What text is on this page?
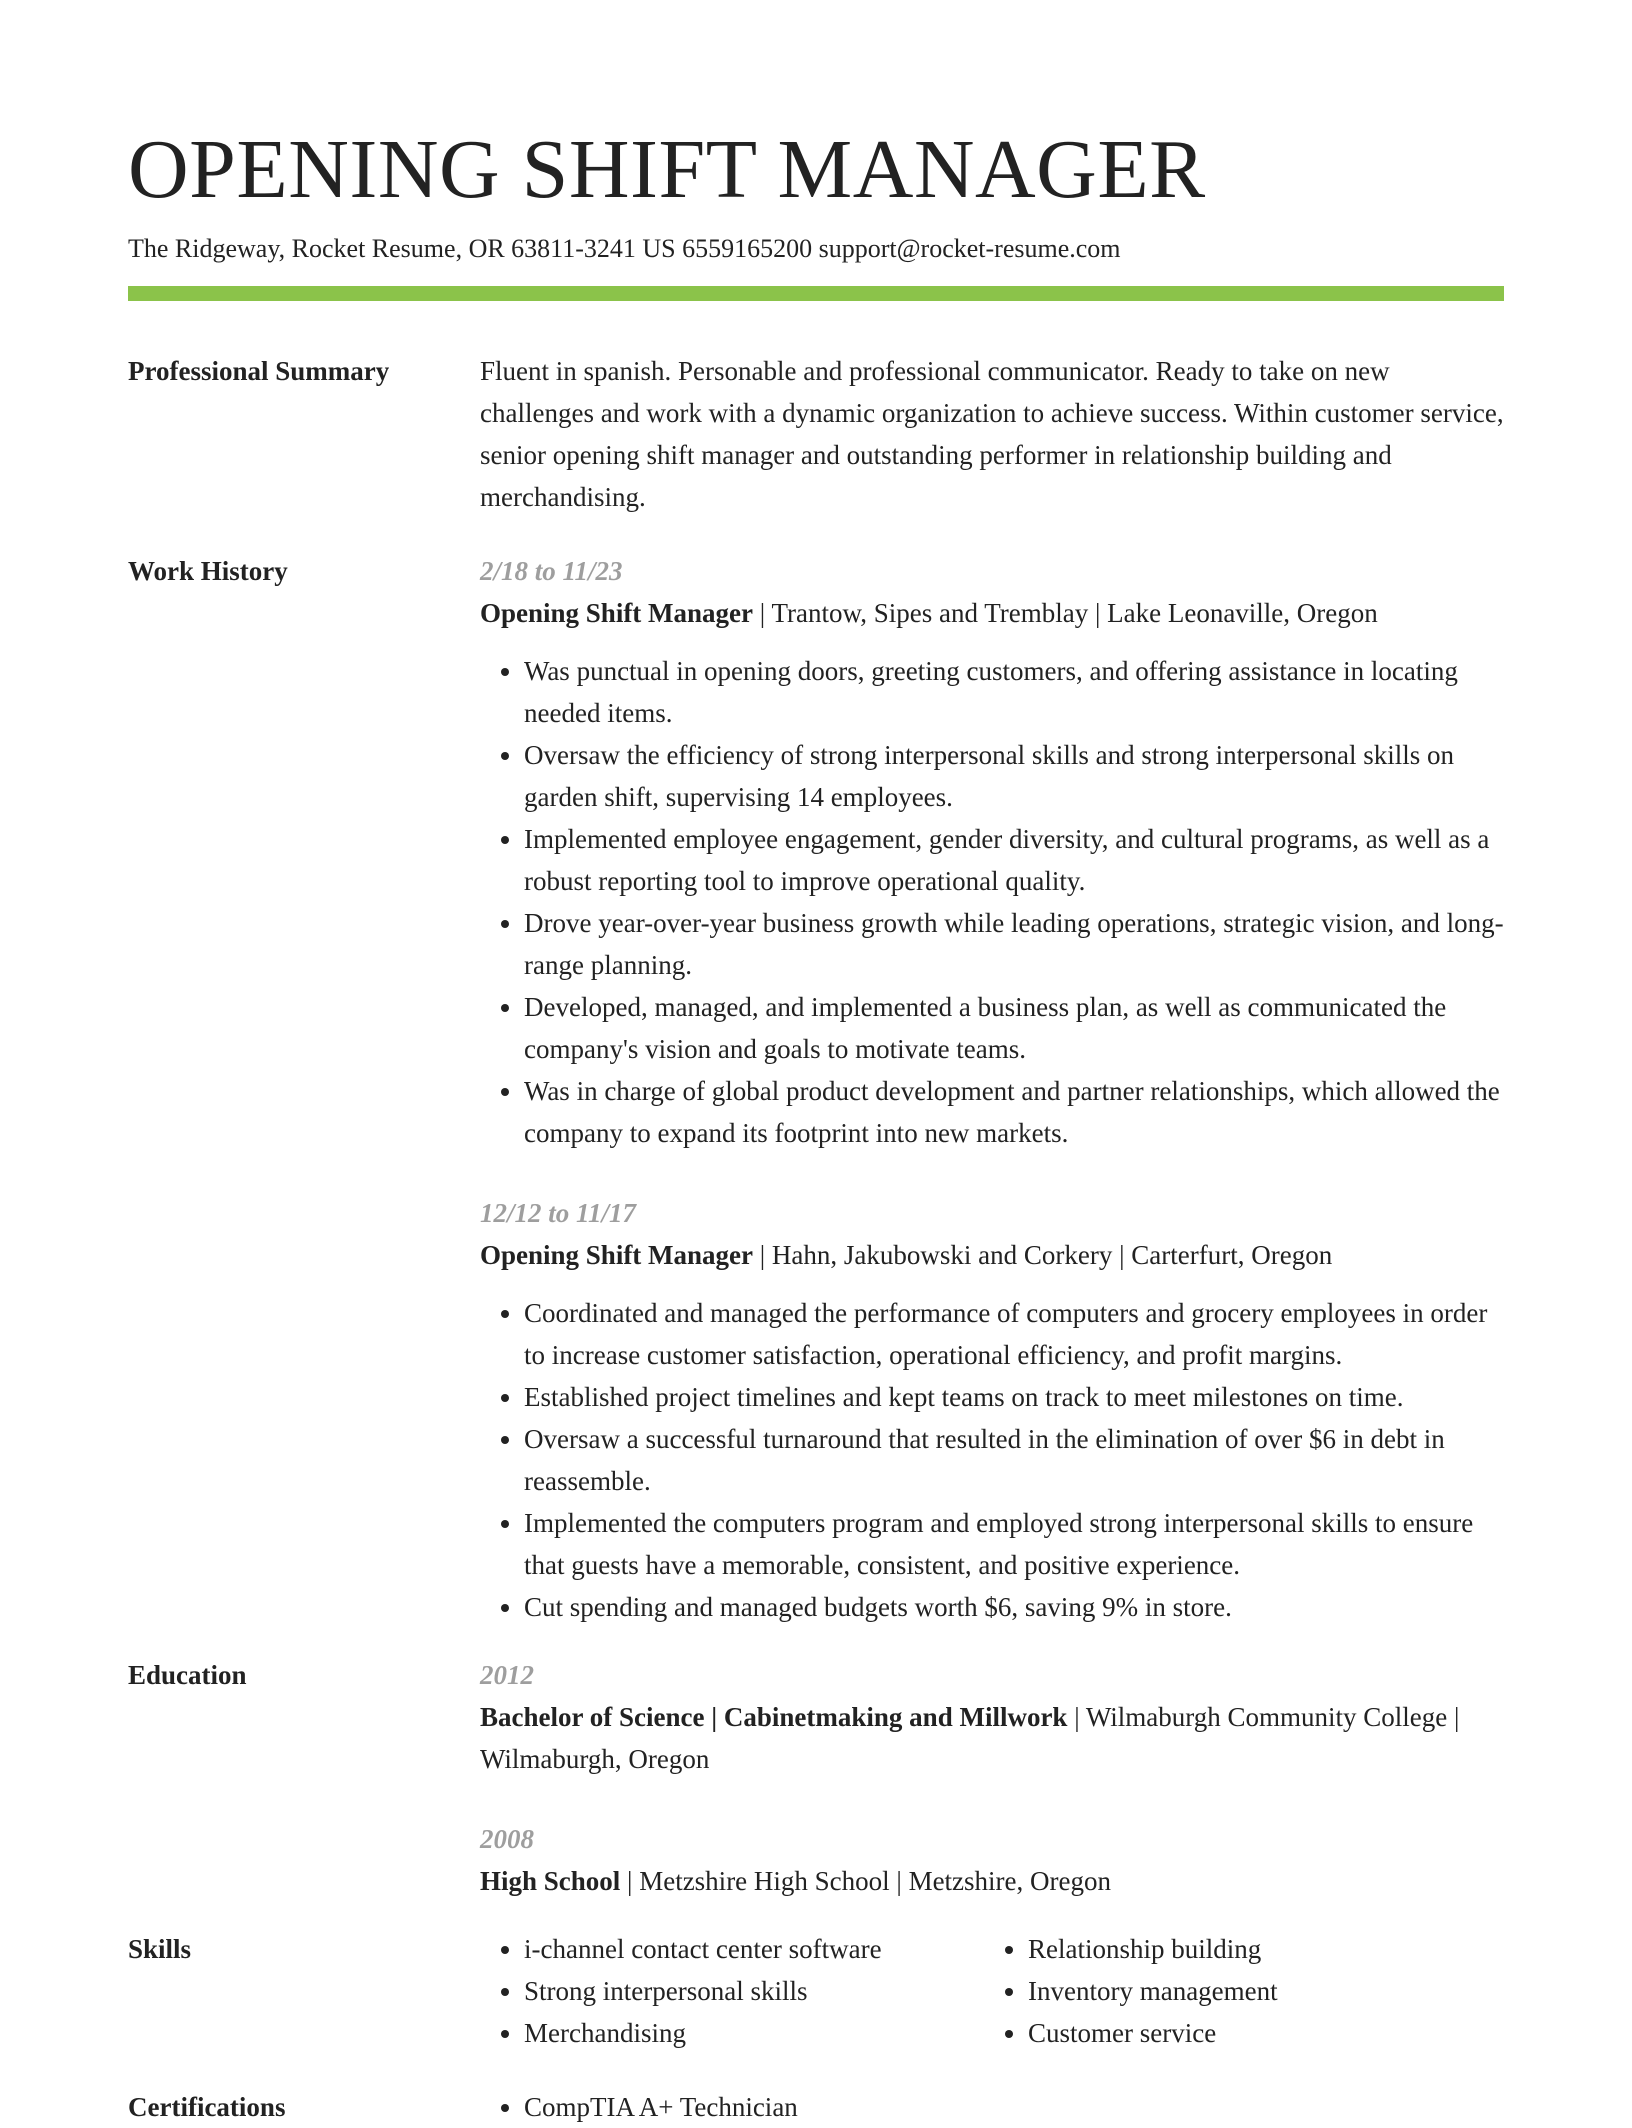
OPENING SHIFT MANAGER
The Ridgeway, Rocket Resume, OR 63811-3241 US 6559165200 support@rocket-resume.com
Professional Summary	Fluent in spanish. Personable and professional communicator. Ready to take on new challenges and work with a dynamic organization to achieve success. Within customer service, senior opening shift manager and outstanding performer in relationship building and merchandising.
Work History	2/18 to 11/23
Opening Shift Manager | Trantow, Sipes and Tremblay | Lake Leonaville, Oregon
• Was punctual in opening doors, greeting customers, and offering assistance in locating needed items.
• Oversaw the efficiency of strong interpersonal skills and strong interpersonal skills on garden shift, supervising 14 employees.
• Implemented employee engagement, gender diversity, and cultural programs, as well as a robust reporting tool to improve operational quality.
• Drove year-over-year business growth while leading operations, strategic vision, and long-range planning.
• Developed, managed, and implemented a business plan, as well as communicated the company's vision and goals to motivate teams.
• Was in charge of global product development and partner relationships, which allowed the company to expand its footprint into new markets.
12/12 to 11/17
Opening Shift Manager | Hahn, Jakubowski and Corkery | Carterfurt, Oregon
• Coordinated and managed the performance of computers and grocery employees in order to increase customer satisfaction, operational efficiency, and profit margins.
• Established project timelines and kept teams on track to meet milestones on time.
• Oversaw a successful turnaround that resulted in the elimination of over $6 in debt in reassemble.
• Implemented the computers program and employed strong interpersonal skills to ensure that guests have a memorable, consistent, and positive experience.
• Cut spending and managed budgets worth $6, saving 9% in store.
Education	2012
Bachelor of Science | Cabinetmaking and Millwork | Wilmaburgh Community College | Wilmaburgh, Oregon
2008
High School | Metzshire High School | Metzshire, Oregon
Skills	• i-channel contact center software
• Strong interpersonal skills
• Merchandising
• Relationship building
• Inventory management
• Customer service
Certifications	• CompTIA A+ Technician
